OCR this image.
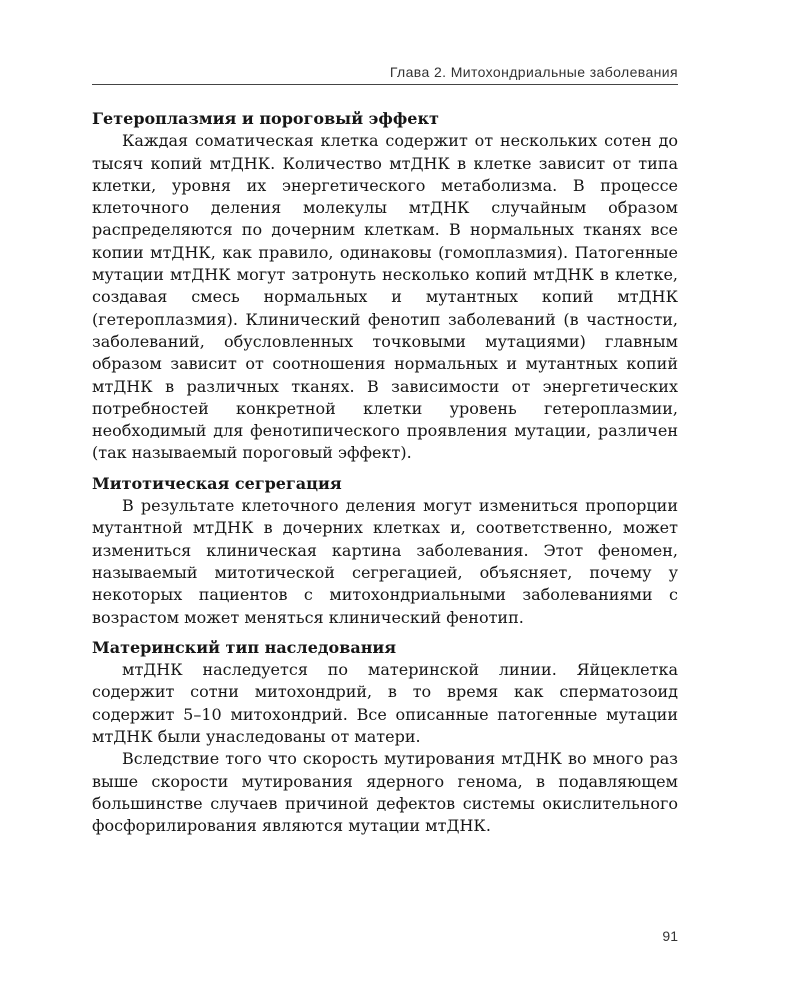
Глава 2. Митохондриальные заболевания
Гетероплазмия и пороговый эффект

Каждая соматическая клетка содержит от нескольких сотен до тысяч копий мтДНК. Количество мтДНК в клетке зависит от типа клетки, уровня их энергетического метаболизма. В процессе клеточного деления молекулы мтДНК случайным образом распределяются по дочерним клеткам. В нормальных тканях все копии мтДНК, как правило, одинаковы (гомоплазмия). Патогенные мутации мтДНК могут затронуть несколько копий мтДНК в клетке, создавая смесь нормальных и мутантных копий мтДНК (гетероплазмия). Клинический фенотип заболеваний (в частности, заболеваний, обусловленных точковыми мутациями) главным образом зависит от соотношения нормальных и мутантных копий мтДНК в различных тканях. В зависимости от энергетических потребностей конкретной клетки уровень гетероплазмии, необходимый для фенотипического проявления мутации, различен (так называемый пороговый эффект).

Митотическая сегрегация

В результате клеточного деления могут измениться пропорции мутантной мтДНК в дочерних клетках и, соответственно, может измениться клиническая картина заболевания. Этот феномен, называемый митотической сегрегацией, объясняет, почему у некоторых пациентов с митохондриальными заболеваниями с возрастом может меняться клинический фенотип.

Материнский тип наследования

мтДНК наследуется по материнской линии. Яйцеклетка содержит сотни митохондрий, в то время как сперматозоид содержит 5–10 митохондрий. Все описанные патогенные мутации мтДНК были унаследованы от матери.

Вследствие того что скорость мутирования мтДНК во много раз выше скорости мутирования ядерного генома, в подавляющем большинстве случаев причиной дефектов системы окислительного фосфорилирования являются мутации мтДНК.

91
